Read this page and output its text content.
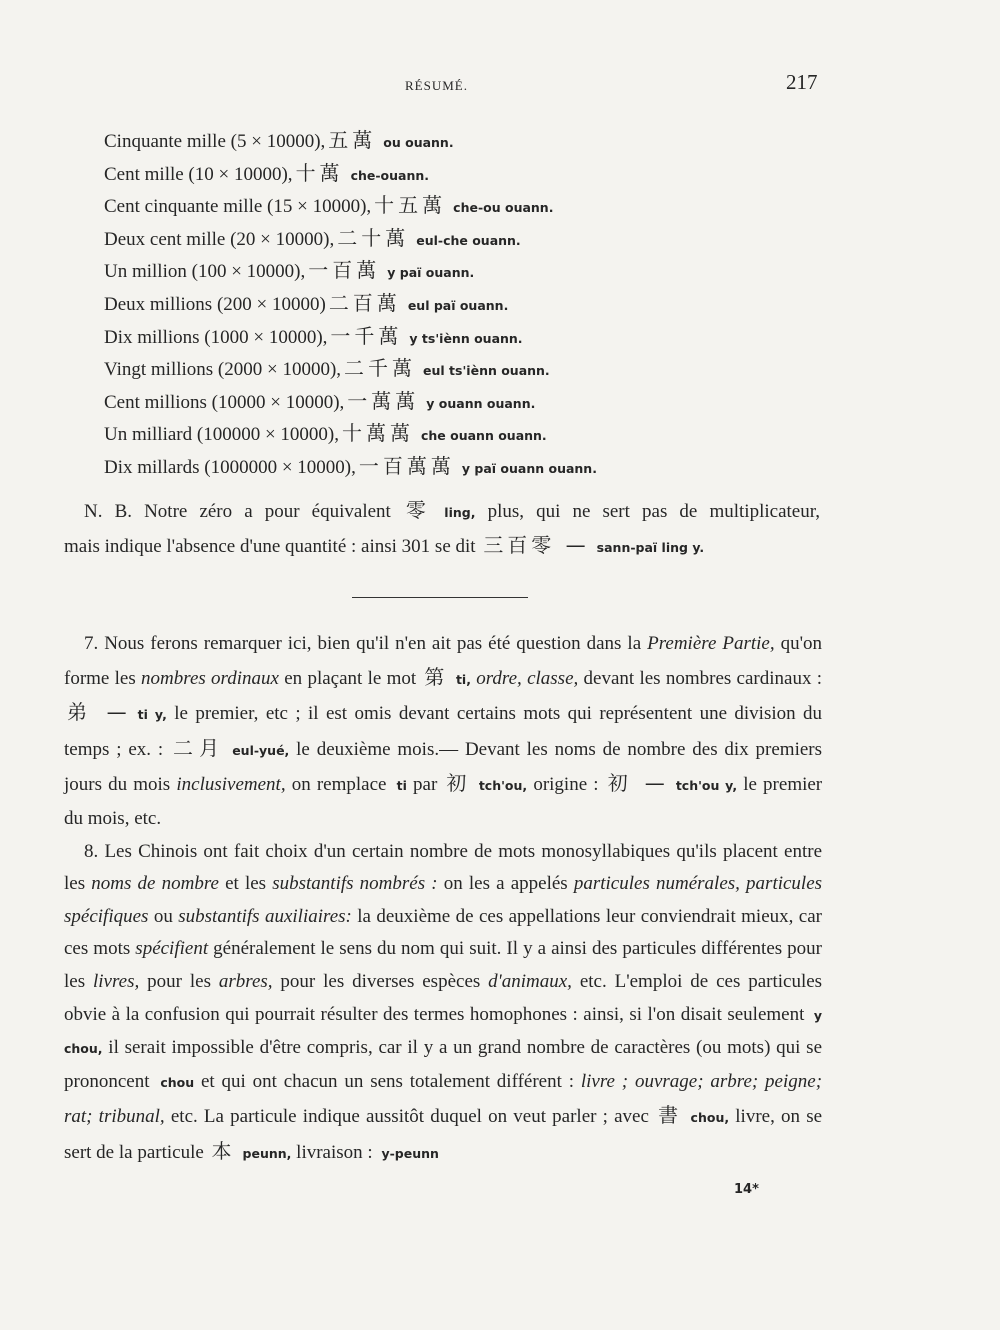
RÉSUMÉ.	217
Cinquante mille (5 × 10000), 五萬 ou ouann.
Cent mille (10 × 10000), 十萬 che-ouann.
Cent cinquante mille (15 × 10000), 十五萬 che-ou ouann.
Deux cent mille (20 × 10000), 二十萬 eul-che ouann.
Un million (100 × 10000), 一百萬 y paï ouann.
Deux millions (200 × 10000) 二百萬 eul paï ouann.
Dix millions (1000 × 10000), 一千萬 y ts'iènn ouann.
Vingt millions (2000 × 10000), 二千萬 eul ts'iènn ouann.
Cent millions (10000 × 10000), 一萬萬 y ouann ouann.
Un milliard (100000 × 10000), 十萬萬 che ouann ouann.
Dix millards (1000000 × 10000), 一百萬萬 y paï ouann ouann.

N. B. Notre zéro a pour équivalent 零 ling, plus, qui ne sert pas de multiplicateur,

mais indique l'absence d'une quantité : ainsi 301 se dit 三百零 — sann-paï ling y.

7. Nous ferons remarquer ici, bien qu'il n'en ait pas été question dans la Première Partie, qu'on forme les nombres ordinaux en plaçant le mot 第 ti, ordre, classe, devant les nombres cardinaux : 弟 — ti y, le premier, etc ; il est omis devant certains mots qui représentent une division du temps ; ex. : 二月 eul-yué, le deuxième mois.— Devant les noms de nombre des dix premiers jours du mois inclusivement, on remplace ti par 初 tch'ou, origine : 初 — tch'ou y, le premier du mois, etc.

8. Les Chinois ont fait choix d'un certain nombre de mots monosyllabiques qu'ils placent entre les noms de nombre et les substantifs nombrés : on les a appelés particules numérales, particules spécifiques ou substantifs auxiliaires: la deuxième de ces appellations leur conviendrait mieux, car ces mots spécifient généralement le sens du nom qui suit. Il y a ainsi des particules différentes pour les livres, pour les arbres, pour les diverses espèces d'animaux, etc. L'emploi de ces particules obvie à la confusion qui pourrait résulter des termes homophones : ainsi, si l'on disait seulement y chou, il serait impossible d'être compris, car il y a un grand nombre de caractères (ou mots) qui se prononcent chou et qui ont chacun un sens totalement différent : livre ; ouvrage; arbre; peigne; rat; tribunal, etc. La particule indique aussitôt duquel on veut parler ; avec 書 chou, livre, on se sert de la particule 本 peunn, livraison : y-peunn

14*
